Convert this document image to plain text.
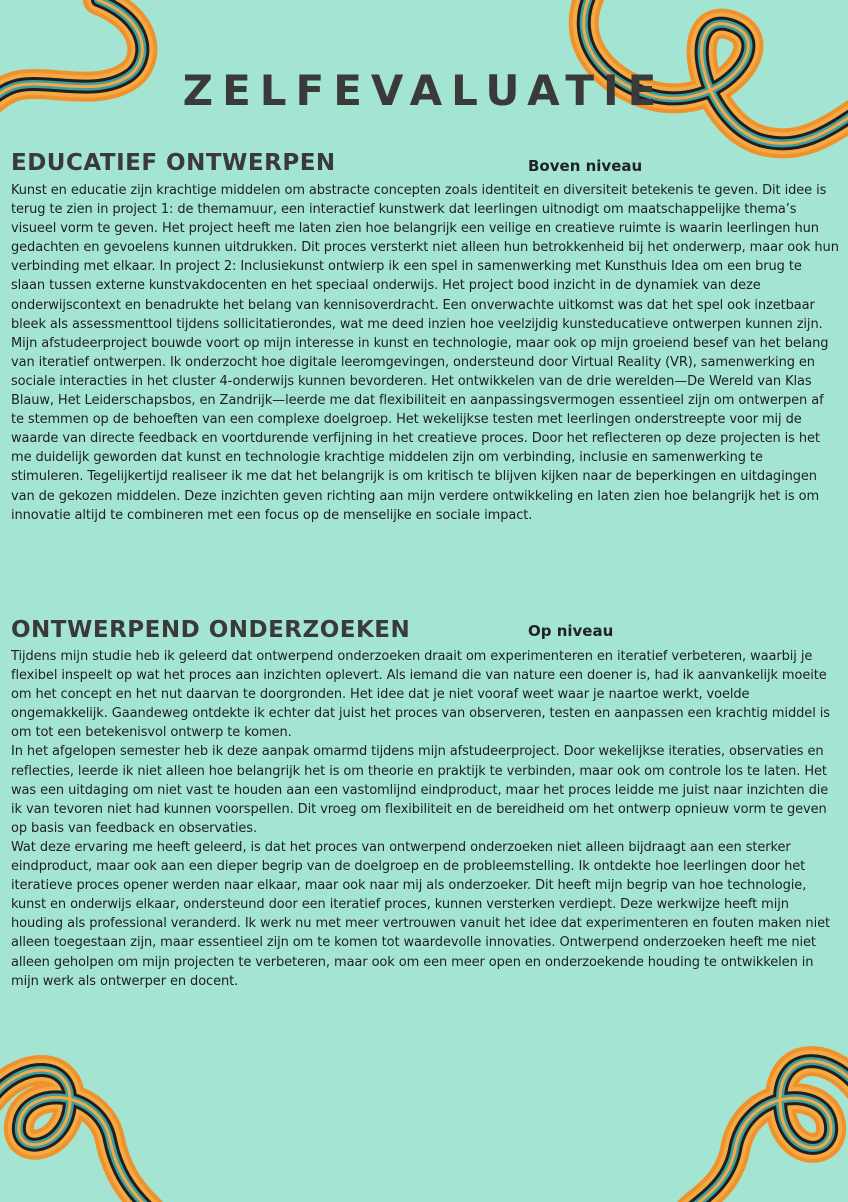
ZELFEVALUATIE
EDUCATIEF ONTWERPEN	Boven niveau

Kunst en educatie zijn krachtige middelen om abstracte concepten zoals identiteit en diversiteit betekenis te geven. Dit idee is terug te zien in project 1: de themamuur, een interactief kunstwerk dat leerlingen uitnodigt om maatschappelijke thema’s visueel vorm te geven. Het project heeft me laten zien hoe belangrijk een veilige en creatieve ruimte is waarin leerlingen hun gedachten en gevoelens kunnen uitdrukken. Dit proces versterkt niet alleen hun betrokkenheid bij het onderwerp, maar ook hun verbinding met elkaar. In project 2: Inclusiekunst ontwierp ik een spel in samenwerking met Kunsthuis Idea om een brug te slaan tussen externe kunstvakdocenten en het speciaal onderwijs. Het project bood inzicht in de dynamiek van deze onderwijscontext en benadrukte het belang van kennisoverdracht. Een onverwachte uitkomst was dat het spel ook inzetbaar bleek als assessmenttool tijdens sollicitatierondes, wat me deed inzien hoe veelzijdig kunsteducatieve ontwerpen kunnen zijn. Mijn afstudeerproject bouwde voort op mijn interesse in kunst en technologie, maar ook op mijn groeiend besef van het belang van iteratief ontwerpen. Ik onderzocht hoe digitale leeromgevingen, ondersteund door Virtual Reality (VR), samenwerking en sociale interacties in het cluster 4-onderwijs kunnen bevorderen. Het ontwikkelen van de drie werelden—De Wereld van Klas Blauw, Het Leiderschapsbos, en Zandrijk—leerde me dat flexibiliteit en aanpassingsvermogen essentieel zijn om ontwerpen af te stemmen op de behoeften van een complexe doelgroep. Het wekelijkse testen met leerlingen onderstreepte voor mij de waarde van directe feedback en voortdurende verfijning in het creatieve proces. Door het reflecteren op deze projecten is het me duidelijk geworden dat kunst en technologie krachtige middelen zijn om verbinding, inclusie en samenwerking te stimuleren. Tegelijkertijd realiseer ik me dat het belangrijk is om kritisch te blijven kijken naar de beperkingen en uitdagingen van de gekozen middelen. Deze inzichten geven richting aan mijn verdere ontwikkeling en laten zien hoe belangrijk het is om innovatie altijd te combineren met een focus op de menselijke en sociale impact.

ONTWERPEND ONDERZOEKEN	Op niveau

Tijdens mijn studie heb ik geleerd dat ontwerpend onderzoeken draait om experimenteren en iteratief verbeteren, waarbij je flexibel inspeelt op wat het proces aan inzichten oplevert. Als iemand die van nature een doener is, had ik aanvankelijk moeite om het concept en het nut daarvan te doorgronden. Het idee dat je niet vooraf weet waar je naartoe werkt, voelde ongemakkelijk. Gaandeweg ontdekte ik echter dat juist het proces van observeren, testen en aanpassen een krachtig middel is om tot een betekenisvol ontwerp te komen.

In het afgelopen semester heb ik deze aanpak omarmd tijdens mijn afstudeerproject. Door wekelijkse iteraties, observaties en reflecties, leerde ik niet alleen hoe belangrijk het is om theorie en praktijk te verbinden, maar ook om controle los te laten. Het was een uitdaging om niet vast te houden aan een vastomlijnd eindproduct, maar het proces leidde me juist naar inzichten die ik van tevoren niet had kunnen voorspellen. Dit vroeg om flexibiliteit en de bereidheid om het ontwerp opnieuw vorm te geven op basis van feedback en observaties.

Wat deze ervaring me heeft geleerd, is dat het proces van ontwerpend onderzoeken niet alleen bijdraagt aan een sterker eindproduct, maar ook aan een dieper begrip van de doelgroep en de probleemstelling. Ik ontdekte hoe leerlingen door het iteratieve proces opener werden naar elkaar, maar ook naar mij als onderzoeker. Dit heeft mijn begrip van hoe technologie, kunst en onderwijs elkaar, ondersteund door een iteratief proces, kunnen versterken verdiept. Deze werkwijze heeft mijn houding als professional veranderd. Ik werk nu met meer vertrouwen vanuit het idee dat experimenteren en fouten maken niet alleen toegestaan zijn, maar essentieel zijn om te komen tot waardevolle innovaties. Ontwerpend onderzoeken heeft me niet alleen geholpen om mijn projecten te verbeteren, maar ook om een meer open en onderzoekende houding te ontwikkelen in mijn werk als ontwerper en docent.
